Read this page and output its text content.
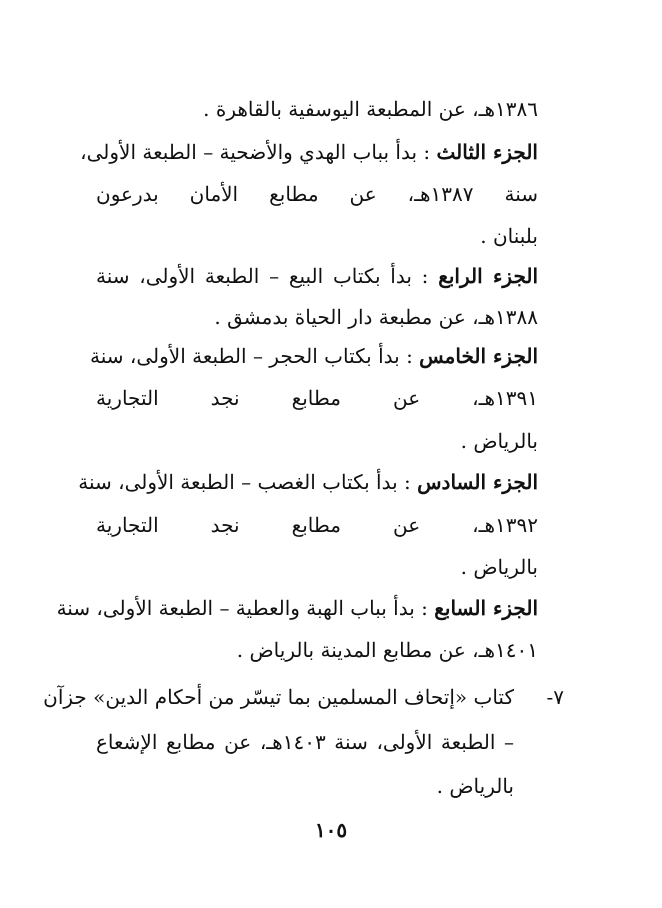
١٣٨٦هـ، عن المطبعة اليوسفية بالقاهرة .
الجزء الثالث : بدأ بباب الهدي والأضحية – الطبعة الأولى،
سنة ١٣٨٧هـ، عن مطابع الأمان بدرعون
بلبنان .
الجزء الرابع : بدأ بكتاب البيع – الطبعة الأولى، سنة
١٣٨٨هـ، عن مطبعة دار الحياة بدمشق .
الجزء الخامس : بدأ بكتاب الحجر – الطبعة الأولى، سنة
١٣٩١هـ، عن مطابع نجد التجارية
بالرياض .
الجزء السادس : بدأ بكتاب الغصب – الطبعة الأولى، سنة
١٣٩٢هـ، عن مطابع نجد التجارية
بالرياض .
الجزء السابع : بدأ بباب الهبة والعطية – الطبعة الأولى، سنة
١٤٠١هـ، عن مطابع المدينة بالرياض .
٧-
كتاب «إتحاف المسلمين بما تيسّر من أحكام الدين» جزآن
– الطبعة الأولى، سنة ١٤٠٣هـ، عن مطابع الإشعاع
بالرياض .
١٠٥
